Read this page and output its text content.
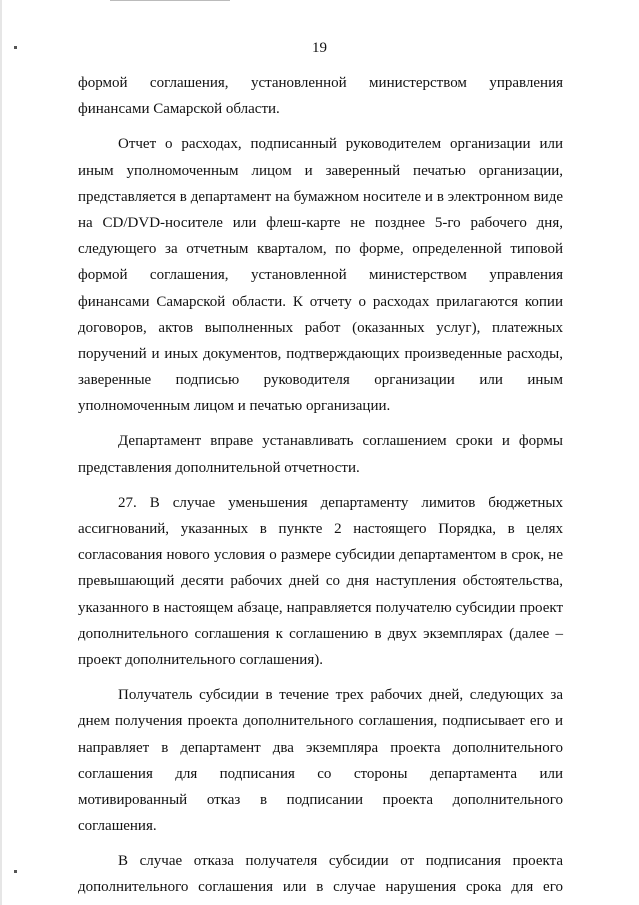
19
формой соглашения, установленной министерством управления
финансами Самарской области.
Отчет о расходах, подписанный руководителем организации или
иным уполномоченным лицом и заверенный печатью организации,
представляется в департамент на бумажном носителе и в электронном виде
на CD/DVD-носителе или флеш-карте не позднее 5-го рабочего дня,
следующего за отчетным кварталом, по форме, определенной типовой
формой соглашения, установленной министерством управления
финансами Самарской области. К отчету о расходах прилагаются копии
договоров, актов выполненных работ (оказанных услуг), платежных
поручений и иных документов, подтверждающих произведенные расходы,
заверенные подписью руководителя организации или иным
уполномоченным лицом и печатью организации.
Департамент вправе устанавливать соглашением сроки и формы
представления дополнительной отчетности.
27. В случае уменьшения департаменту лимитов бюджетных
ассигнований, указанных в пункте 2 настоящего Порядка, в целях
согласования нового условия о размере субсидии департаментом в срок, не
превышающий десяти рабочих дней со дня наступления обстоятельства,
указанного в настоящем абзаце, направляется получателю субсидии проект
дополнительного соглашения к соглашению в двух экземплярах (далее –
проект дополнительного соглашения).
Получатель субсидии в течение трех рабочих дней, следующих за
днем получения проекта дополнительного соглашения, подписывает его и
направляет в департамент два экземпляра проекта дополнительного
соглашения для подписания со стороны департамента или
мотивированный отказ в подписании проекта дополнительного
соглашения.
В случае отказа получателя субсидии от подписания проекта
дополнительного соглашения или в случае нарушения срока для его
